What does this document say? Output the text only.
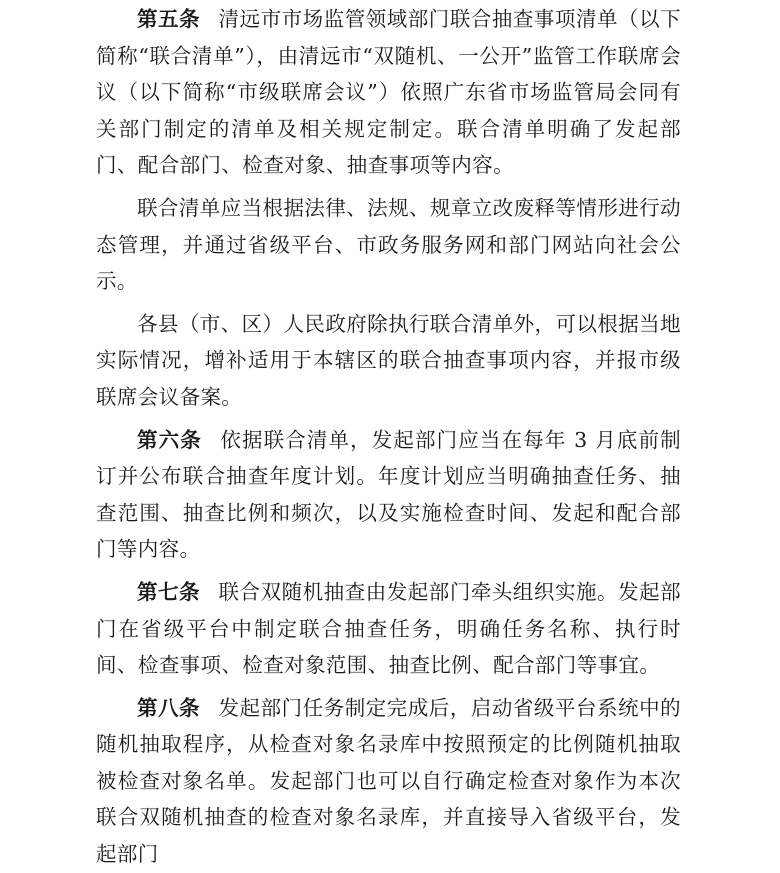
第五条 清远市市场监管领域部门联合抽查事项清单（以下简称“联合清单”），由清远市“双随机、一公开”监管工作联席会议（以下简称“市级联席会议”）依照广东省市场监管局会同有关部门制定的清单及相关规定制定。联合清单明确了发起部门、配合部门、检查对象、抽查事项等内容。

联合清单应当根据法律、法规、规章立改废释等情形进行动态管理，并通过省级平台、市政务服务网和部门网站向社会公示。

各县（市、区）人民政府除执行联合清单外，可以根据当地实际情况，增补适用于本辖区的联合抽查事项内容，并报市级联席会议备案。

第六条 依据联合清单，发起部门应当在每年 3 月底前制订并公布联合抽查年度计划。年度计划应当明确抽查任务、抽查范围、抽查比例和频次，以及实施检查时间、发起和配合部门等内容。

第七条 联合双随机抽查由发起部门牵头组织实施。发起部门在省级平台中制定联合抽查任务，明确任务名称、执行时间、检查事项、检查对象范围、抽查比例、配合部门等事宜。

第八条 发起部门任务制定完成后，启动省级平台系统中的随机抽取程序，从检查对象名录库中按照预定的比例随机抽取被检查对象名单。发起部门也可以自行确定检查对象作为本次联合双随机抽查的检查对象名录库，并直接导入省级平台，发起部门
